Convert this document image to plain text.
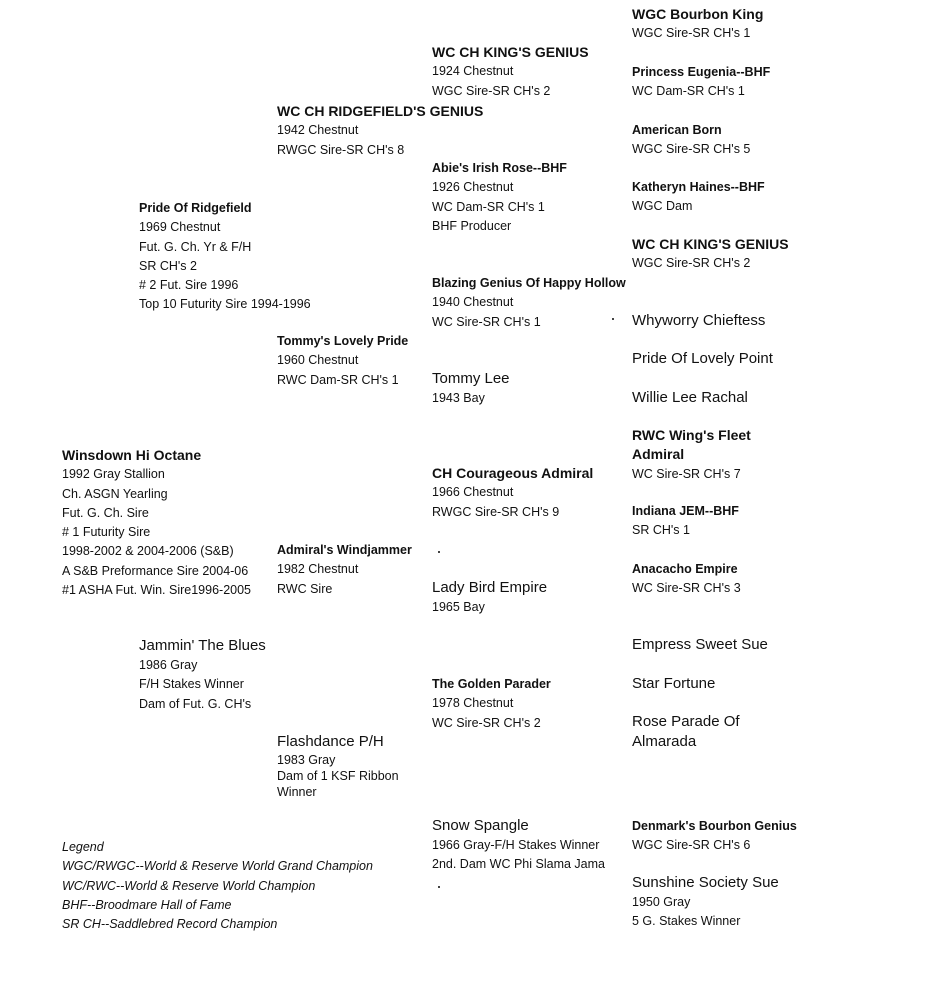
Winsdown Hi Octane
1992 Gray Stallion
Ch. ASGN Yearling
Fut. G. Ch. Sire
# 1 Futurity Sire
1998-2002 & 2004-2006 (S&B)
A S&B Preformance Sire 2004-06
#1 ASHA Fut. Win. Sire1996-2005
Pride Of Ridgefield
1969 Chestnut
Fut. G. Ch. Yr & F/H
SR CH's 2
# 2 Fut. Sire 1996
Top 10 Futurity Sire 1994-1996
Jammin' The Blues
1986 Gray
F/H Stakes Winner
Dam of Fut. G. CH's
WC CH RIDGEFIELD'S GENIUS
1942 Chestnut
RWGC Sire-SR CH's 8
Tommy's Lovely Pride
1960 Chestnut
RWC Dam-SR CH's 1
Admiral's Windjammer
1982 Chestnut
RWC Sire
Flashdance P/H
1983 Gray
Dam of 1 KSF Ribbon
Winner
WC CH KING'S GENIUS
1924 Chestnut
WGC Sire-SR CH's 2
Abie's Irish Rose--BHF
1926 Chestnut
WC Dam-SR CH's 1
BHF Producer
Blazing Genius Of Happy Hollow
1940 Chestnut
WC Sire-SR CH's 1
Tommy Lee
1943 Bay
CH Courageous Admiral
1966 Chestnut
RWGC Sire-SR CH's 9
Lady Bird Empire
1965 Bay
The Golden Parader
1978 Chestnut
WC Sire-SR CH's 2
Snow Spangle
1966 Gray-F/H Stakes Winner
2nd. Dam WC Phi Slama Jama
WGC Bourbon King
WGC Sire-SR CH's 1
Princess Eugenia--BHF
WC Dam-SR CH's 1
American Born
WGC Sire-SR CH's 5
Katheryn Haines--BHF
WGC Dam
WC CH KING'S GENIUS
WGC Sire-SR CH's 2
Whyworry Chieftess
Pride Of Lovely Point
Willie Lee Rachal
RWC Wing's Fleet Admiral
WC Sire-SR CH's 7
Indiana JEM--BHF
SR CH's 1
Anacacho Empire
WC Sire-SR CH's 3
Empress Sweet Sue
Star Fortune
Rose Parade Of Almarada
Denmark's Bourbon Genius
WGC Sire-SR CH's 6
Sunshine Society Sue
1950 Gray
5 G. Stakes Winner
Legend
WGC/RWGC--World & Reserve World Grand Champion
WC/RWC--World & Reserve World Champion
BHF--Broodmare Hall of Fame
SR CH--Saddlebred Record Champion
